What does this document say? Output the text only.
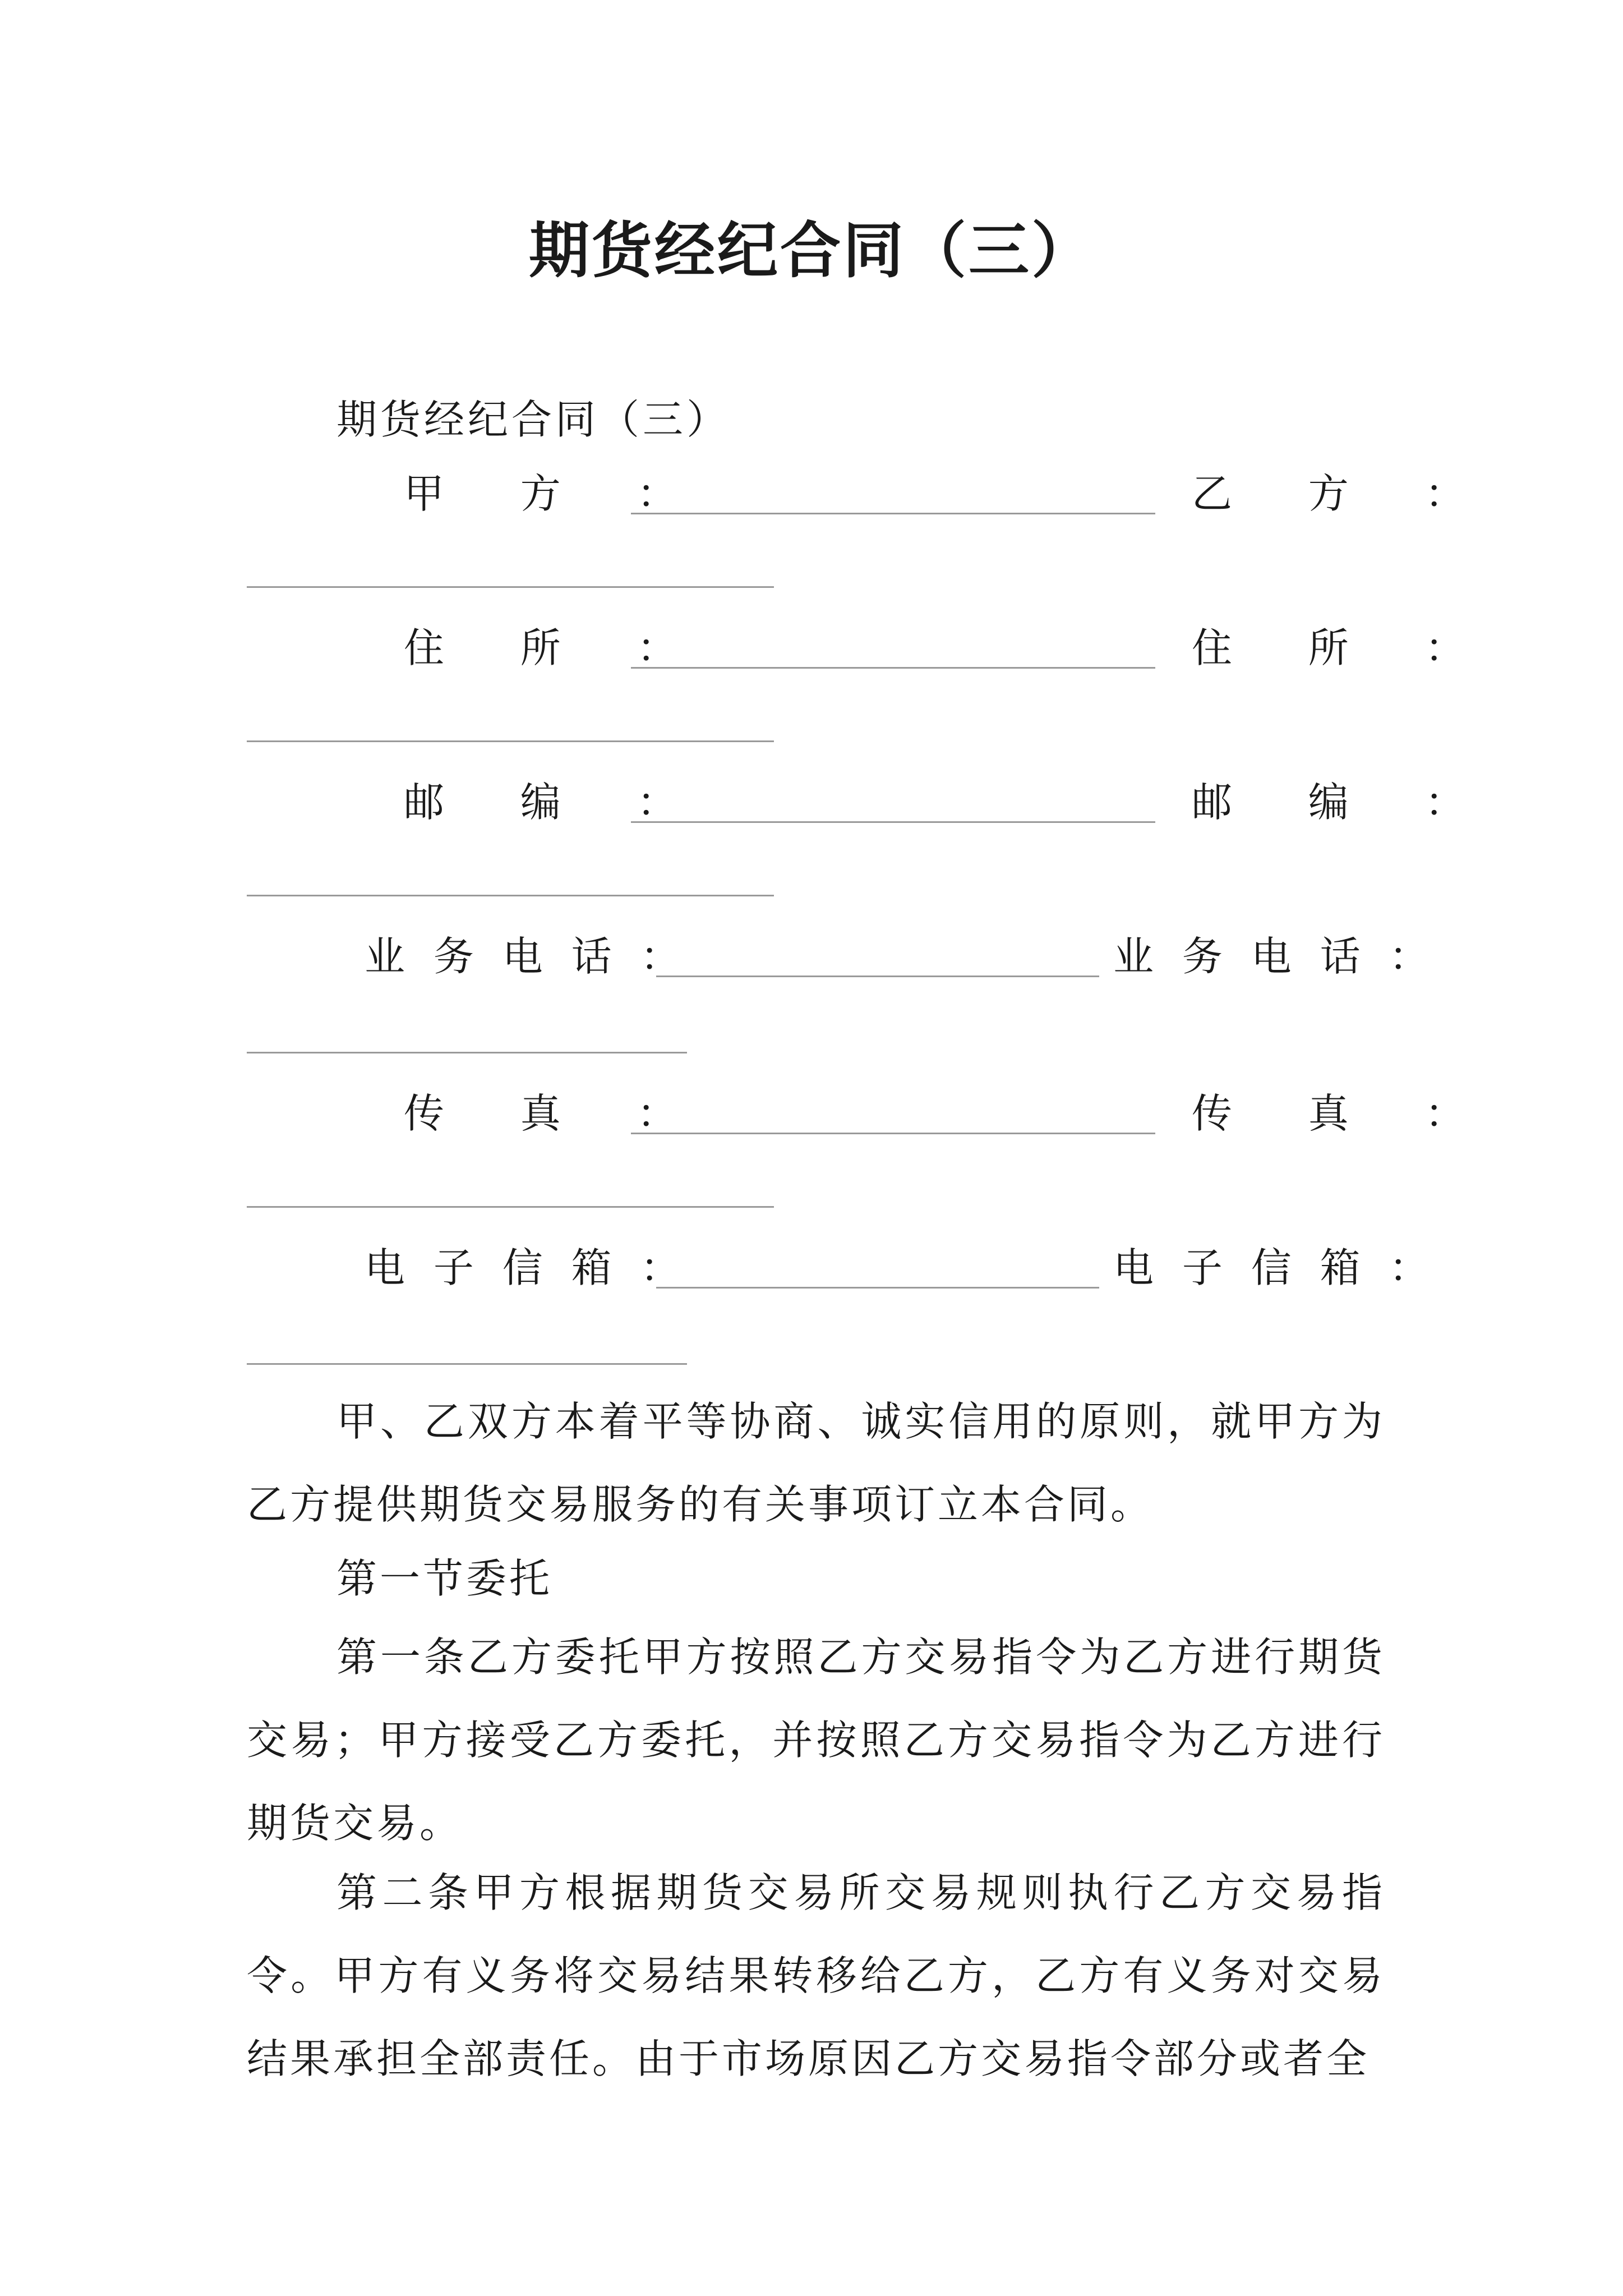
期货经纪合同（三）
期货经纪合同（三）
甲  方  ：	乙  方  ：
住  所  ：	住  所  ：
邮  编  ：	邮  编  ：
业 务 电 话 ：	业 务 电 话 ：
传  真  ：	传  真  ：
电 子 信 箱 ：	电 子 信 箱 ：
甲、乙双方本着平等协商、诚实信用的原则，就甲方为乙方提供期货交易服务的有关事项订立本合同。
第一节委托
第一条乙方委托甲方按照乙方交易指令为乙方进行期货交易；甲方接受乙方委托，并按照乙方交易指令为乙方进行期货交易。
第二条甲方根据期货交易所交易规则执行乙方交易指令。甲方有义务将交易结果转移给乙方，乙方有义务对交易结果承担全部责任。由于市场原因乙方交易指令部分或者全
